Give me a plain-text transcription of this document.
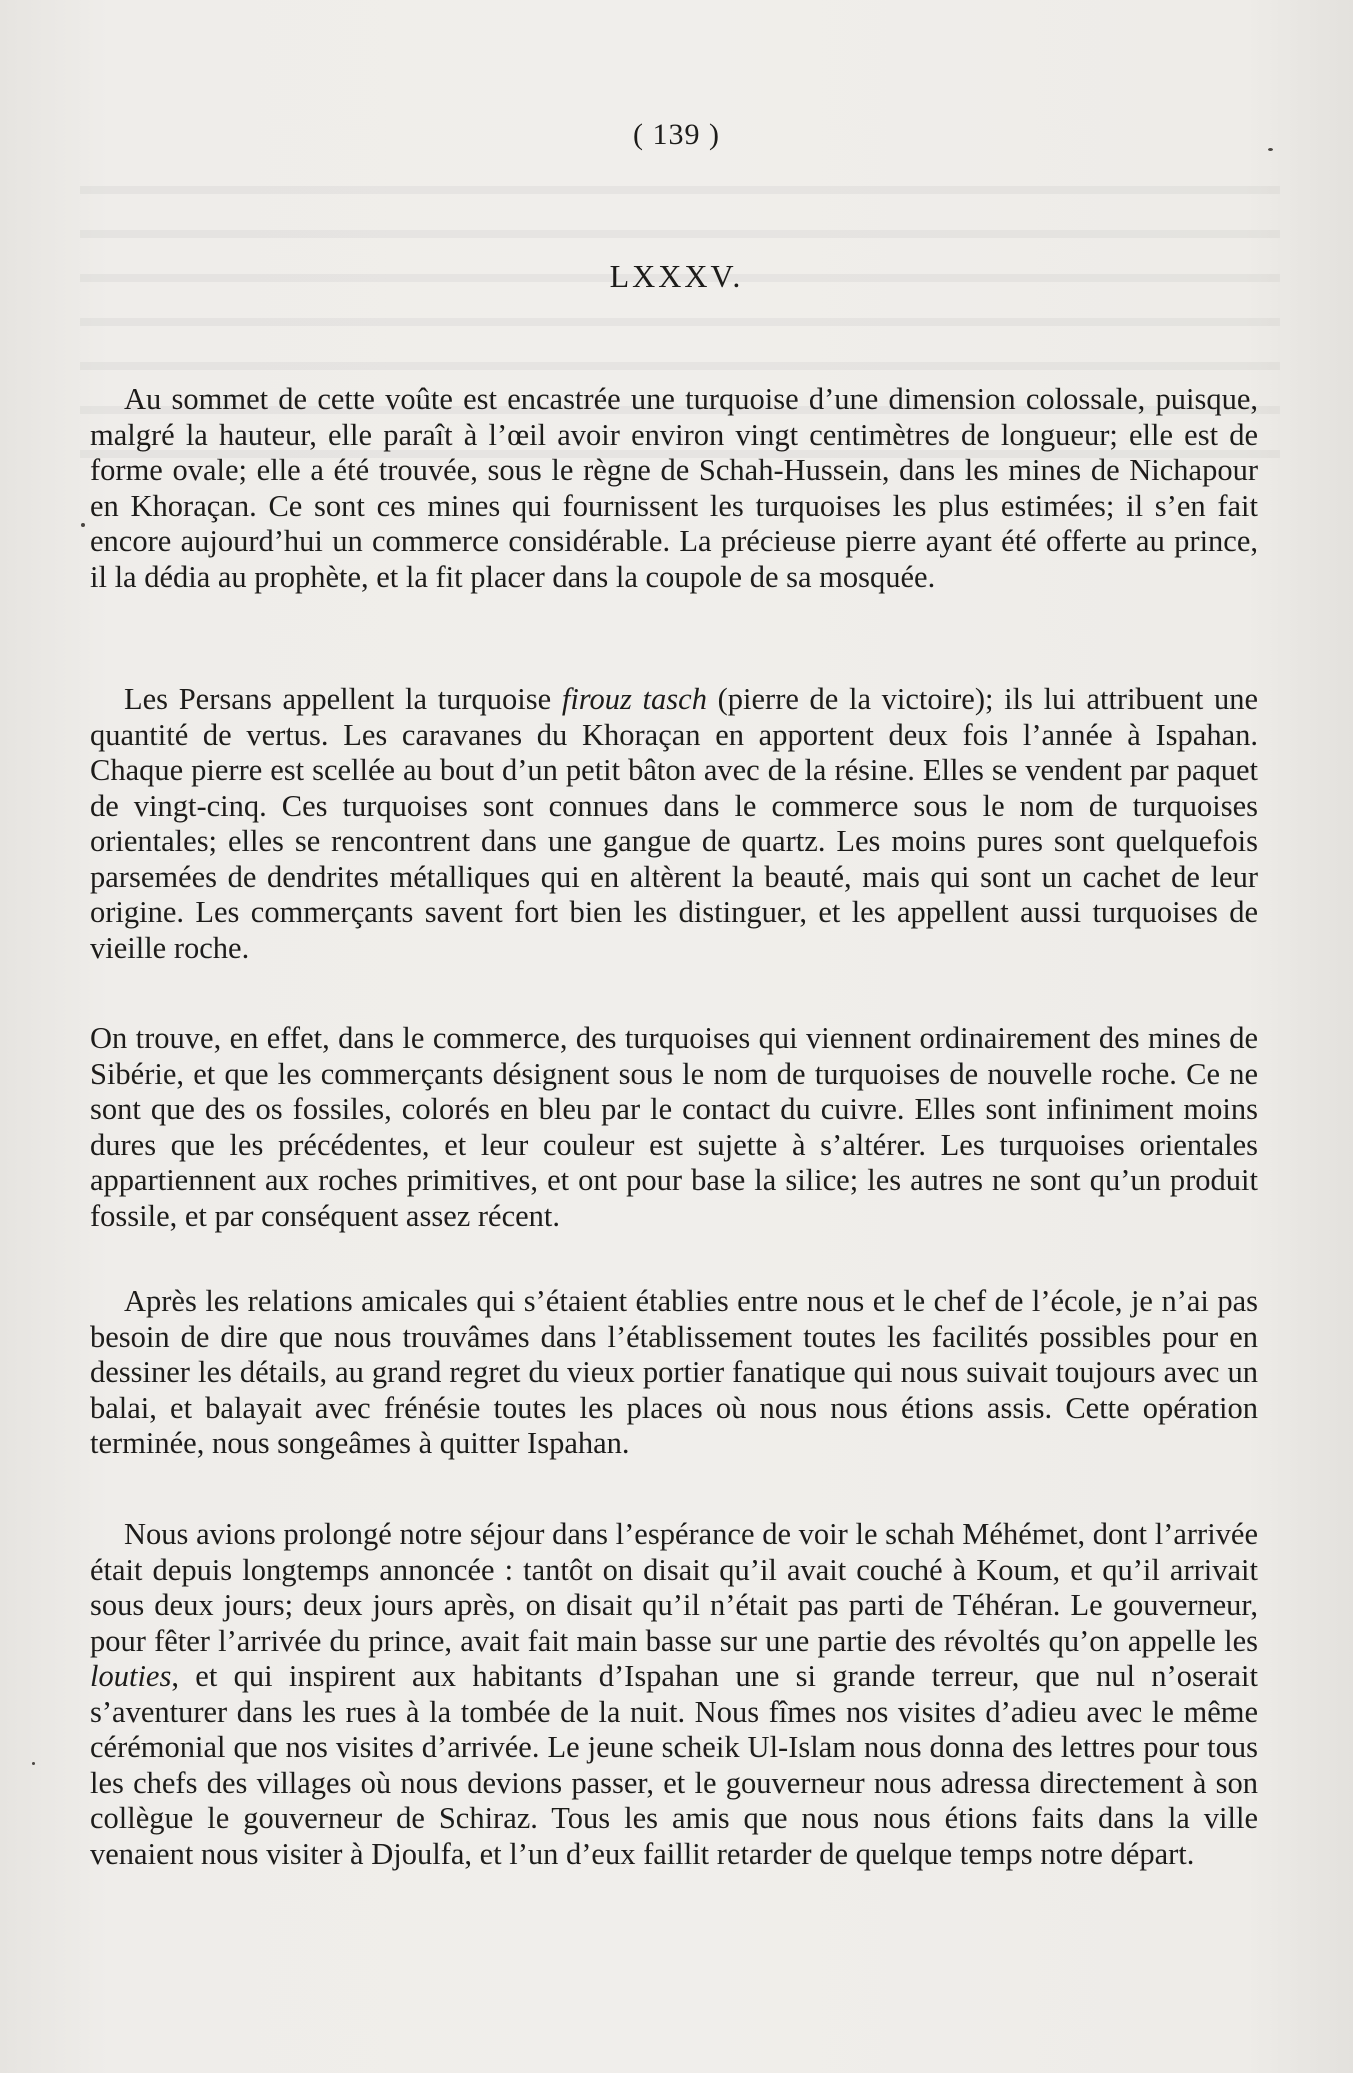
( 139 )
LXXXV.

Au sommet de cette voûte est encastrée une turquoise d’une dimension colossale, puisque, malgré la hauteur, elle paraît à l’œil avoir environ vingt centimètres de longueur; elle est de forme ovale; elle a été trouvée, sous le règne de Schah-Hussein, dans les mines de Nichapour en Khoraçan. Ce sont ces mines qui fournissent les turquoises les plus estimées; il s’en fait encore aujourd’hui un commerce considérable. La précieuse pierre ayant été offerte au prince, il la dédia au prophète, et la fit placer dans la coupole de sa mosquée.

Les Persans appellent la turquoise firouz tasch (pierre de la victoire); ils lui attribuent une quantité de vertus. Les caravanes du Khoraçan en apportent deux fois l’année à Ispahan. Chaque pierre est scellée au bout d’un petit bâton avec de la résine. Elles se vendent par paquet de vingt-cinq. Ces turquoises sont connues dans le commerce sous le nom de turquoises orientales; elles se rencontrent dans une gangue de quartz. Les moins pures sont quelquefois parsemées de dendrites métalliques qui en altèrent la beauté, mais qui sont un cachet de leur origine. Les commerçants savent fort bien les distinguer, et les appellent aussi turquoises de vieille roche.

On trouve, en effet, dans le commerce, des turquoises qui viennent ordinairement des mines de Sibérie, et que les commerçants désignent sous le nom de turquoises de nouvelle roche. Ce ne sont que des os fossiles, colorés en bleu par le contact du cuivre. Elles sont infiniment moins dures que les précédentes, et leur couleur est sujette à s’altérer. Les turquoises orientales appartiennent aux roches primitives, et ont pour base la silice; les autres ne sont qu’un produit fossile, et par conséquent assez récent.

Après les relations amicales qui s’étaient établies entre nous et le chef de l’école, je n’ai pas besoin de dire que nous trouvâmes dans l’établissement toutes les facilités possibles pour en dessiner les détails, au grand regret du vieux portier fanatique qui nous suivait toujours avec un balai, et balayait avec frénésie toutes les places où nous nous étions assis. Cette opération terminée, nous songeâmes à quitter Ispahan.

Nous avions prolongé notre séjour dans l’espérance de voir le schah Méhémet, dont l’arrivée était depuis longtemps annoncée : tantôt on disait qu’il avait couché à Koum, et qu’il arrivait sous deux jours; deux jours après, on disait qu’il n’était pas parti de Téhéran. Le gouverneur, pour fêter l’arrivée du prince, avait fait main basse sur une partie des révoltés qu’on appelle les louties, et qui inspirent aux habitants d’Ispahan une si grande terreur, que nul n’oserait s’aventurer dans les rues à la tombée de la nuit. Nous fîmes nos visites d’adieu avec le même cérémonial que nos visites d’arrivée. Le jeune scheik Ul-Islam nous donna des lettres pour tous les chefs des villages où nous devions passer, et le gouverneur nous adressa directement à son collègue le gouverneur de Schiraz. Tous les amis que nous nous étions faits dans la ville venaient nous visiter à Djoulfa, et l’un d’eux faillit retarder de quelque temps notre départ.
